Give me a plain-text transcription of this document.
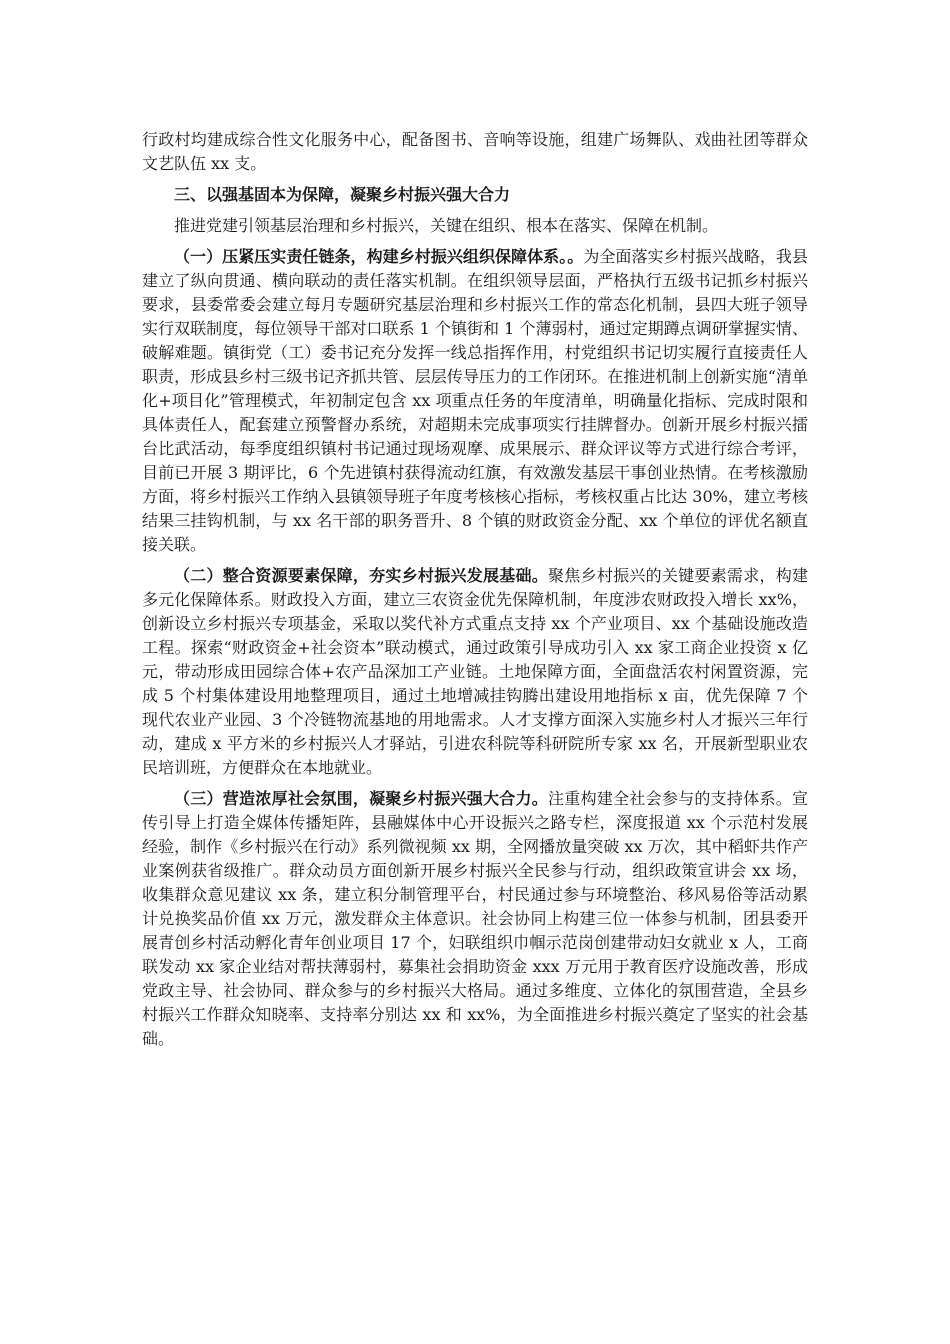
行政村均建成综合性文化服务中心，配备图书、音响等设施，组建广场舞队、戏曲社团等群众文艺队伍 xx 支。

三、以强基固本为保障，凝聚乡村振兴强大合力

推进党建引领基层治理和乡村振兴，关键在组织、根本在落实、保障在机制。

（一）压紧压实责任链条，构建乡村振兴组织保障体系。。为全面落实乡村振兴战略，我县建立了纵向贯通、横向联动的责任落实机制。在组织领导层面，严格执行五级书记抓乡村振兴要求，县委常委会建立每月专题研究基层治理和乡村振兴工作的常态化机制，县四大班子领导实行双联制度，每位领导干部对口联系 1 个镇街和 1 个薄弱村，通过定期蹲点调研掌握实情、破解难题。镇街党（工）委书记充分发挥一线总指挥作用，村党组织书记切实履行直接责任人职责，形成县乡村三级书记齐抓共管、层层传导压力的工作闭环。在推进机制上创新实施“清单化+项目化”管理模式，年初制定包含 xx 项重点任务的年度清单，明确量化指标、完成时限和具体责任人，配套建立预警督办系统，对超期未完成事项实行挂牌督办。创新开展乡村振兴擂台比武活动，每季度组织镇村书记通过现场观摩、成果展示、群众评议等方式进行综合考评，目前已开展 3 期评比，6 个先进镇村获得流动红旗，有效激发基层干事创业热情。在考核激励方面，将乡村振兴工作纳入县镇领导班子年度考核核心指标，考核权重占比达 30%，建立考核结果三挂钩机制，与 xx 名干部的职务晋升、8 个镇的财政资金分配、xx 个单位的评优名额直接关联。

（二）整合资源要素保障，夯实乡村振兴发展基础。聚焦乡村振兴的关键要素需求，构建多元化保障体系。财政投入方面，建立三农资金优先保障机制，年度涉农财政投入增长 xx%，创新设立乡村振兴专项基金，采取以奖代补方式重点支持 xx 个产业项目、xx 个基础设施改造工程。探索“财政资金+社会资本”联动模式，通过政策引导成功引入 xx 家工商企业投资 x 亿元，带动形成田园综合体+农产品深加工产业链。土地保障方面，全面盘活农村闲置资源，完成 5 个村集体建设用地整理项目，通过土地增减挂钩腾出建设用地指标 x 亩，优先保障 7 个现代农业产业园、3 个冷链物流基地的用地需求。人才支撑方面深入实施乡村人才振兴三年行动，建成 x 平方米的乡村振兴人才驿站，引进农科院等科研院所专家 xx 名，开展新型职业农民培训班，方便群众在本地就业。

（三）营造浓厚社会氛围，凝聚乡村振兴强大合力。注重构建全社会参与的支持体系。宣传引导上打造全媒体传播矩阵，县融媒体中心开设振兴之路专栏，深度报道 xx 个示范村发展经验，制作《乡村振兴在行动》系列微视频 xx 期，全网播放量突破 xx 万次，其中稻虾共作产业案例获省级推广。群众动员方面创新开展乡村振兴全民参与行动，组织政策宣讲会 xx 场，收集群众意见建议 xx 条，建立积分制管理平台，村民通过参与环境整治、移风易俗等活动累计兑换奖品价值 xx 万元，激发群众主体意识。社会协同上构建三位一体参与机制，团县委开展青创乡村活动孵化青年创业项目 17 个，妇联组织巾帼示范岗创建带动妇女就业 x 人，工商联发动 xx 家企业结对帮扶薄弱村，募集社会捐助资金 xxx 万元用于教育医疗设施改善，形成党政主导、社会协同、群众参与的乡村振兴大格局。通过多维度、立体化的氛围营造，全县乡村振兴工作群众知晓率、支持率分别达 xx 和 xx%，为全面推进乡村振兴奠定了坚实的社会基础。
